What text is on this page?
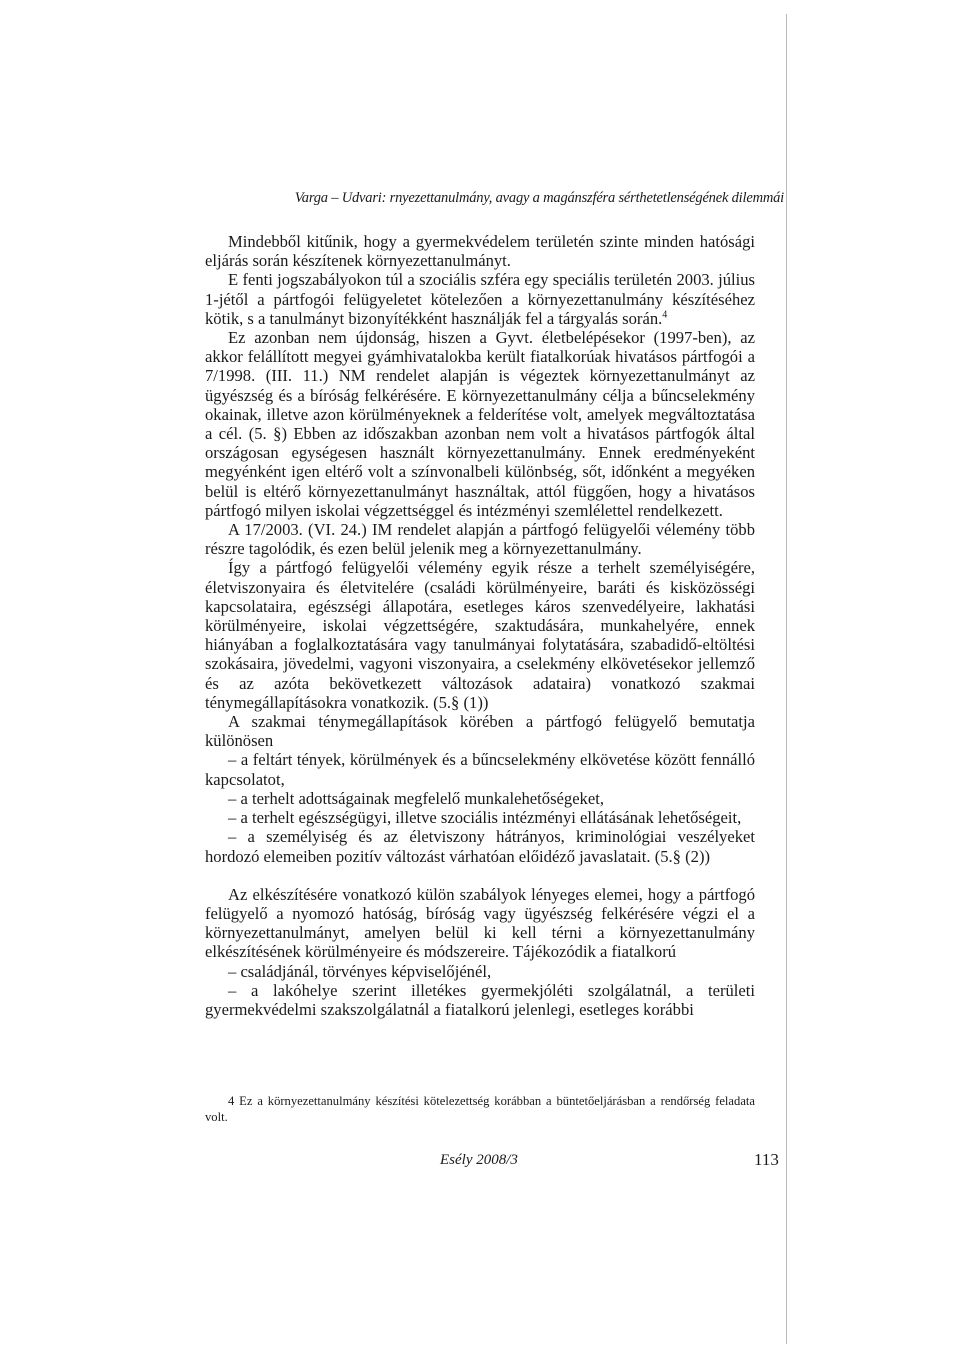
Varga – Udvari: rnyezettanulmány, avagy a magánszféra sérthetetlenségének dilemmái

Mindebből kitűnik, hogy a gyermekvédelem területén szinte minden hatósági eljárás során készítenek környezettanulmányt.

E fenti jogszabályokon túl a szociális szféra egy speciális területén 2003. július 1-jétől a pártfogói felügyeletet kötelezően a környezettanulmány készítéséhez kötik, s a tanulmányt bizonyítékként használják fel a tárgyalás során.$^4$

Ez azonban nem újdonság, hiszen a Gyvt. életbelépésekor (1997-ben), az akkor felállított megyei gyámhivatalokba került fiatalkorúak hivatásos pártfogói a 7/1998. (III. 11.) NM rendelet alapján is végeztek környezettanulmányt az ügyészség és a bíróság felkérésére. E környezettanulmány célja a bűncselekmény okainak, illetve azon körülményeknek a felderítése volt, amelyek megváltoztatása a cél. (5. §) Ebben az időszakban azonban nem volt a hivatásos pártfogók által országosan egységesen használt környezettanulmány. Ennek eredményeként megyénként igen eltérő volt a színvonalbeli különbség, sőt, időnként a megyéken belül is eltérő környezettanulmányt használtak, attól függően, hogy a hivatásos pártfogó milyen iskolai végzettséggel és intézményi szemlélettel rendelkezett.

A 17/2003. (VI. 24.) IM rendelet alapján a pártfogó felügyelői vélemény több részre tagolódik, és ezen belül jelenik meg a környezettanulmány.

Így a pártfogó felügyelői vélemény egyik része a terhelt személyiségére, életviszonyaira és életvitelére (családi körülményeire, baráti és kisközösségi kapcsolataira, egészségi állapotára, esetleges káros szenvedélyeire, lakhatási körülményeire, iskolai végzettségére, szaktudására, munkahelyére, ennek hiányában a foglalkoztatására vagy tanulmányai folytatására, szabadidő-eltöltési szokásaira, jövedelmi, vagyoni viszonyaira, a cselekmény elkövetésekor jellemző és az azóta bekövetkezett változások adataira) vonatkozó szakmai ténymegállapításokra vonatkozik. (5.§ (1))

A szakmai ténymegállapítások körében a pártfogó felügyelő bemutatja különösen

– a feltárt tények, körülmények és a bűncselekmény elkövetése között fennálló kapcsolatot,

– a terhelt adottságainak megfelelő munkalehetőségeket,

– a terhelt egészségügyi, illetve szociális intézményi ellátásának lehetőségeit,

– a személyiség és az életviszony hátrányos, kriminológiai veszélyeket hordozó elemeiben pozitív változást várhatóan előidéző javaslatait. (5.§ (2))

Az elkészítésére vonatkozó külön szabályok lényeges elemei, hogy a pártfogó felügyelő a nyomozó hatóság, bíróság vagy ügyészség felkérésére végzi el a környezettanulmányt, amelyen belül ki kell térni a környezettanulmány elkészítésének körülményeire és módszereire. Tájékozódik a fiatalkorú

– családjánál, törvényes képviselőjénél,

– a lakóhelye szerint illetékes gyermekjóléti szolgálatnál, a területi gyermekvédelmi szakszolgálatnál a fiatalkorú jelenlegi, esetleges korábbi

4 Ez a környezettanulmány készítési kötelezettség korábban a büntetőeljárásban a rendőrség feladata volt.
Esély 2008/3	113
